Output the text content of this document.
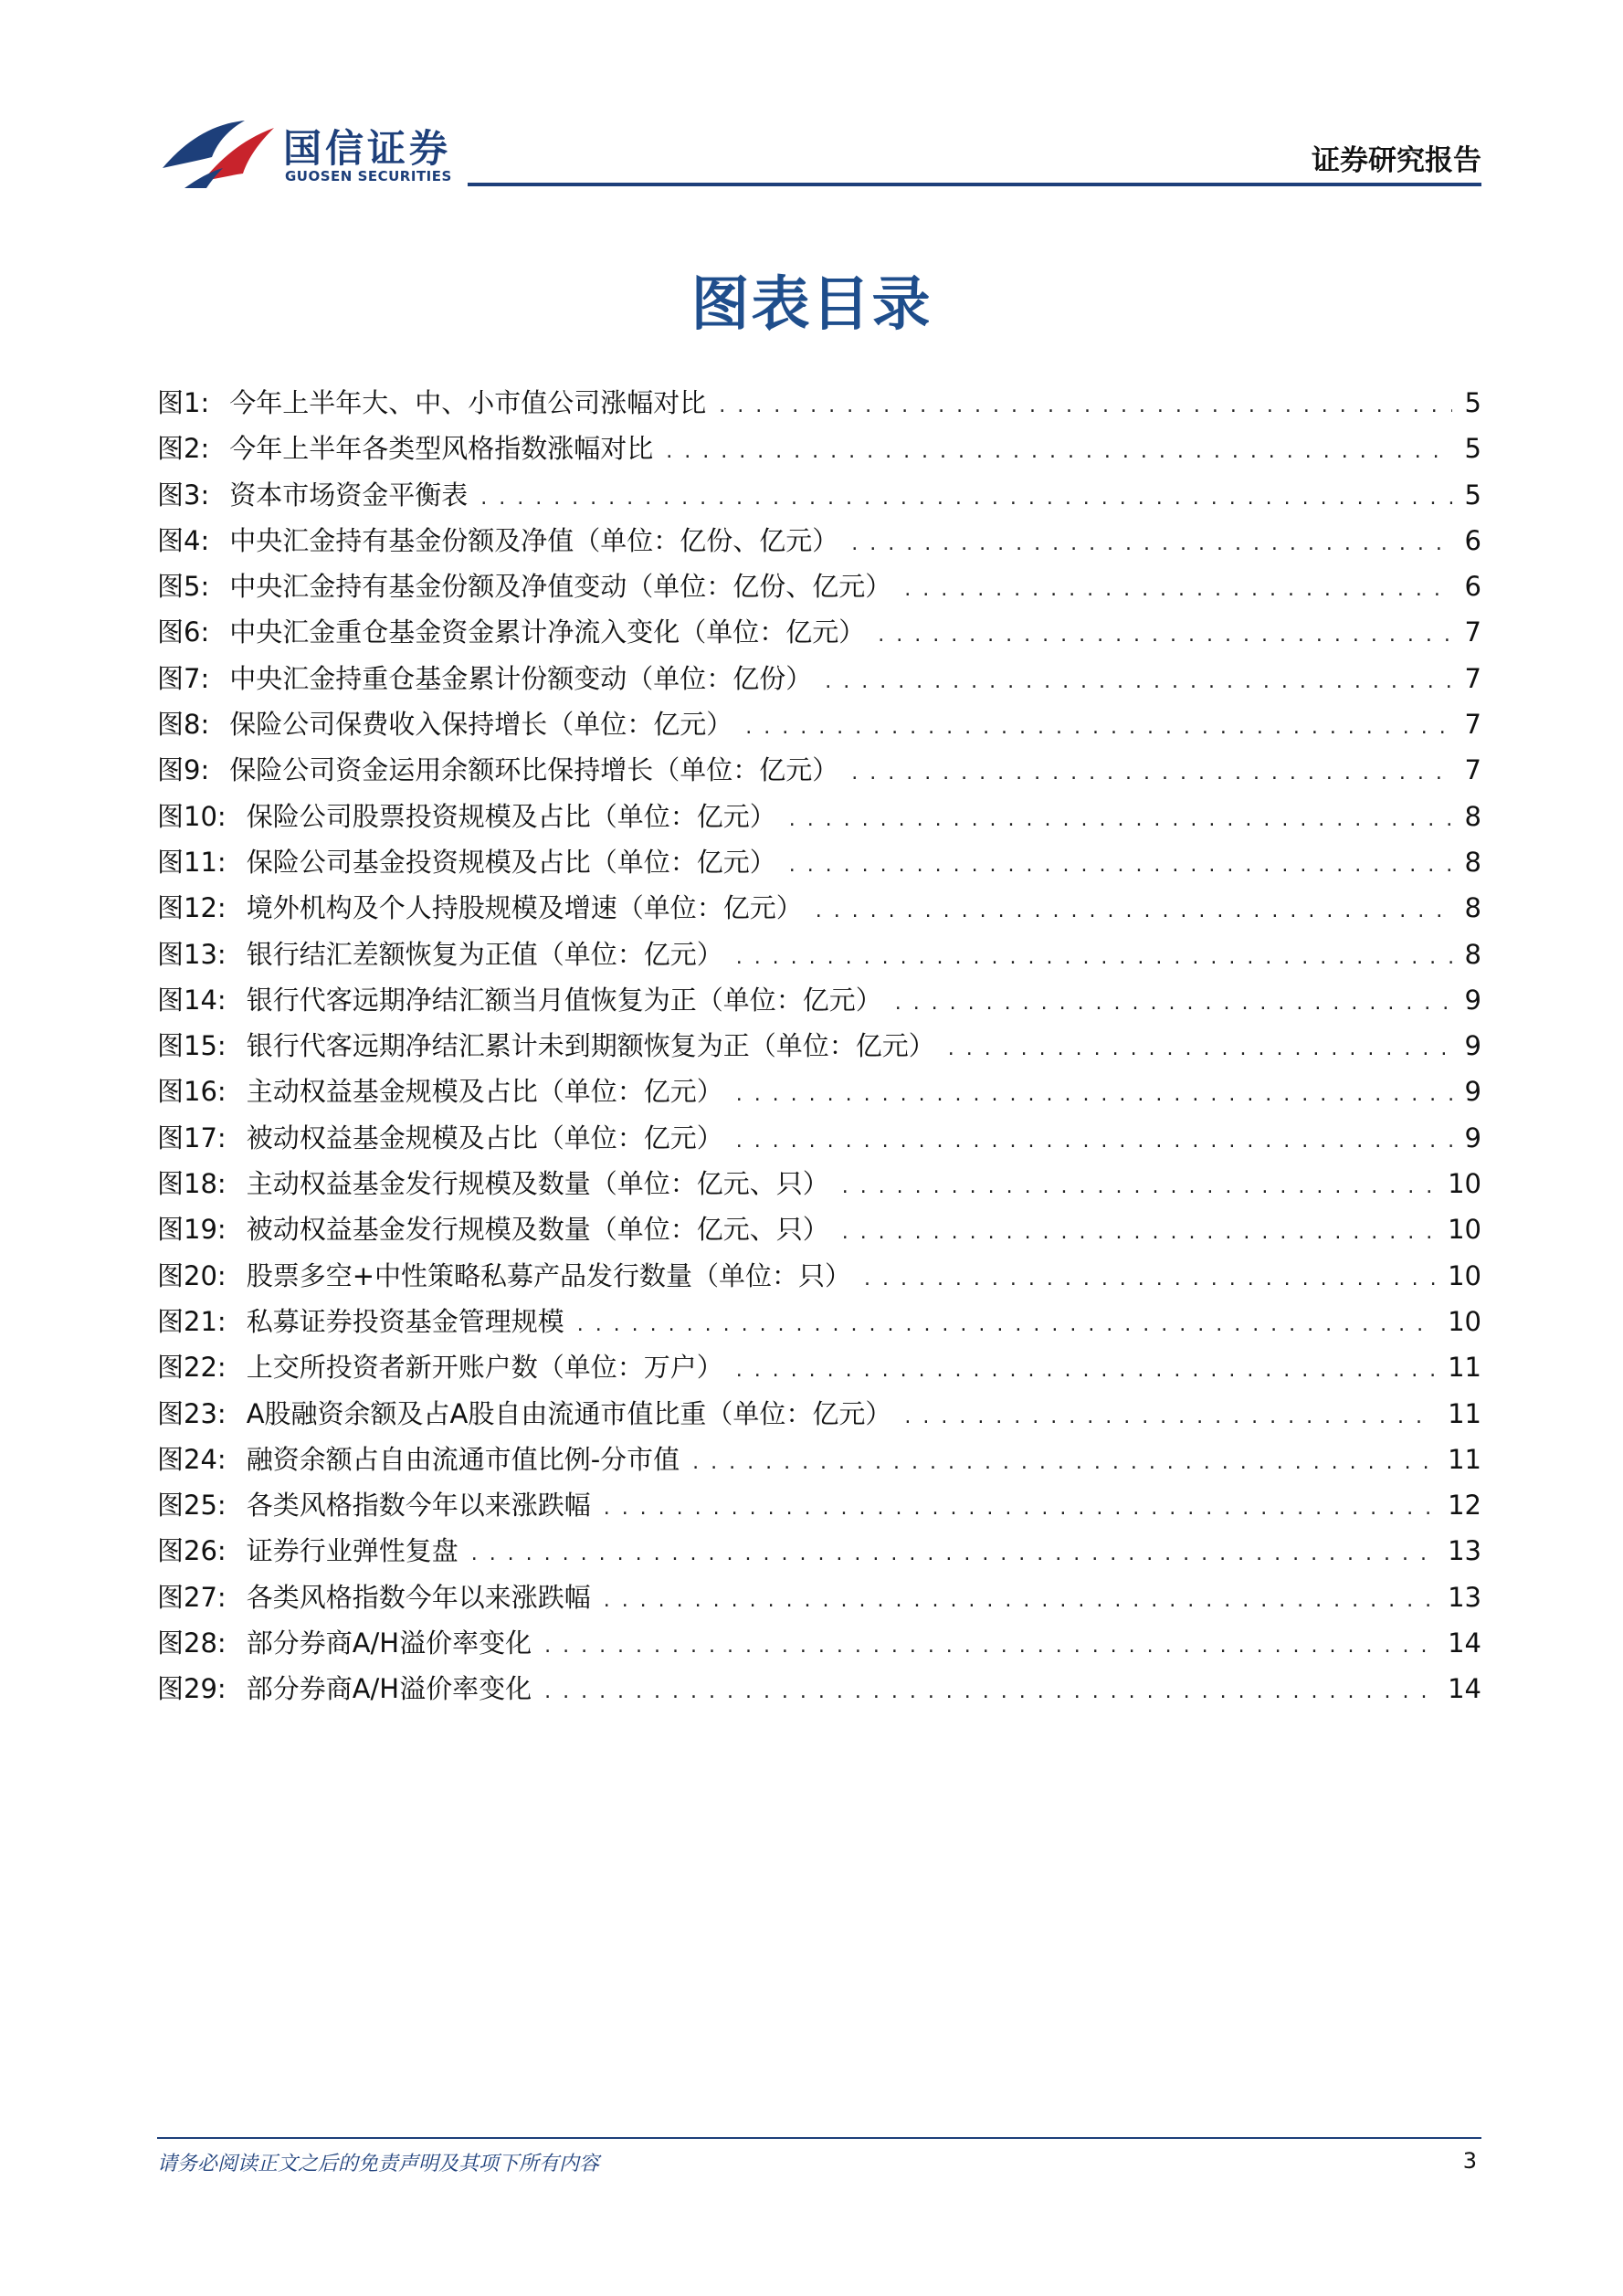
国信证券
GUOSEN SECURITIES	证券研究报告
图表目录
图1: 今年上半年大、中、小市值公司涨幅对比 . . .	5
图2: 今年上半年各类型风格指数涨幅对比 . . .	5
图3: 资本市场资金平衡表 . . .	5
图4: 中央汇金持有基金份额及净值（单位：亿份、亿元） . . .	6
图5: 中央汇金持有基金份额及净值变动（单位：亿份、亿元） . . .	6
图6: 中央汇金重仓基金资金累计净流入变化（单位：亿元） . . .	7
图7: 中央汇金持重仓基金累计份额变动（单位：亿份） . . .	7
图8: 保险公司保费收入保持增长（单位：亿元） . . .	7
图9: 保险公司资金运用余额环比保持增长（单位：亿元） . . .	7
图10: 保险公司股票投资规模及占比（单位：亿元） . . .	8
图11: 保险公司基金投资规模及占比（单位：亿元） . . .	8
图12: 境外机构及个人持股规模及增速（单位：亿元） . . .	8
图13: 银行结汇差额恢复为正值（单位：亿元） . . .	8
图14: 银行代客远期净结汇额当月值恢复为正（单位：亿元） . . .	9
图15: 银行代客远期净结汇累计未到期额恢复为正（单位：亿元） . . .	9
图16: 主动权益基金规模及占比（单位：亿元） . . .	9
图17: 被动权益基金规模及占比（单位：亿元） . . .	9
图18: 主动权益基金发行规模及数量（单位：亿元、只） . . .	10
图19: 被动权益基金发行规模及数量（单位：亿元、只） . . .	10
图20: 股票多空+中性策略私募产品发行数量（单位：只） . . .	10
图21: 私募证券投资基金管理规模 . . .	10
图22: 上交所投资者新开账户数（单位：万户） . . .	11
图23: A股融资余额及占A股自由流通市值比重（单位：亿元） . . .	11
图24: 融资余额占自由流通市值比例-分市值 . . .	11
图25: 各类风格指数今年以来涨跌幅 . . .	12
图26: 证券行业弹性复盘 . . .	13
图27: 各类风格指数今年以来涨跌幅 . . .	13
图28: 部分券商A/H溢价率变化 . . .	14
图29: 部分券商A/H溢价率变化 . . .	14
请务必阅读正文之后的免责声明及其项下所有内容	3
